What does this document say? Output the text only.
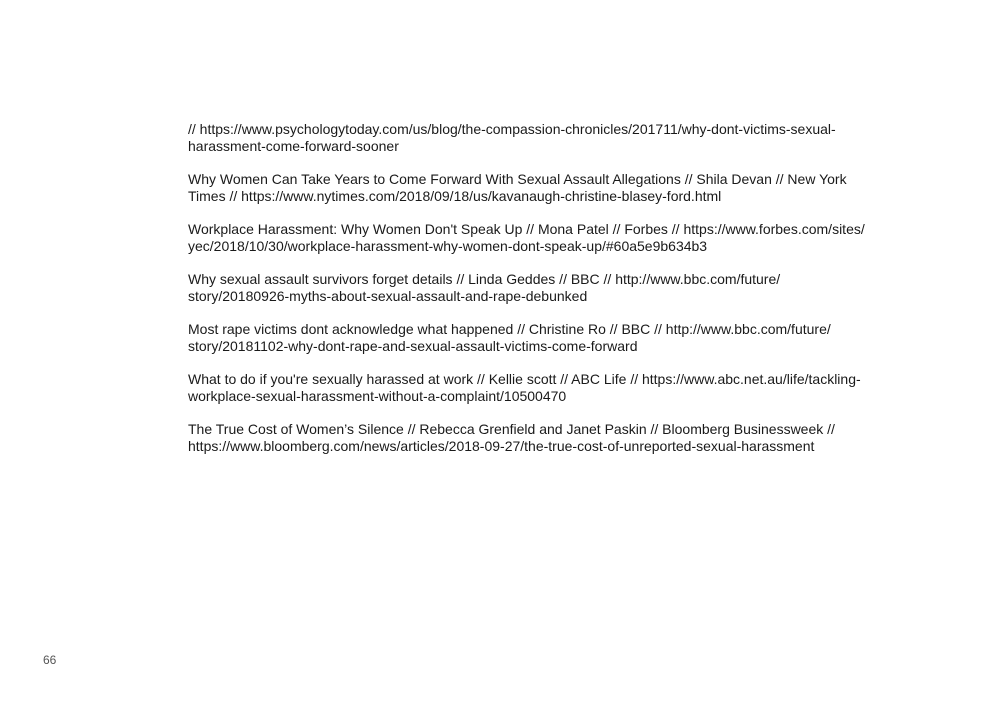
// https://www.psychologytoday.com/us/blog/the-compassion-chronicles/201711/why-dont-victims-sexual-
harassment-come-forward-sooner

Why Women Can Take Years to Come Forward With Sexual Assault Allegations // Shila Devan // New York
Times // https://www.nytimes.com/2018/09/18/us/kavanaugh-christine-blasey-ford.html

Workplace Harassment: Why Women Don't Speak Up // Mona Patel // Forbes // https://www.forbes.com/sites/
yec/2018/10/30/workplace-harassment-why-women-dont-speak-up/#60a5e9b634b3

Why sexual assault survivors forget details // Linda Geddes // BBC // http://www.bbc.com/future/
story/20180926-myths-about-sexual-assault-and-rape-debunked

Most rape victims dont acknowledge what happened // Christine Ro // BBC // http://www.bbc.com/future/
story/20181102-why-dont-rape-and-sexual-assault-victims-come-forward

What to do if you're sexually harassed at work // Kellie scott // ABC Life // https://www.abc.net.au/life/tackling-
workplace-sexual-harassment-without-a-complaint/10500470

The True Cost of Women’s Silence // Rebecca Grenfield and Janet Paskin // Bloomberg Businessweek //
https://www.bloomberg.com/news/articles/2018-09-27/the-true-cost-of-unreported-sexual-harassment

66
